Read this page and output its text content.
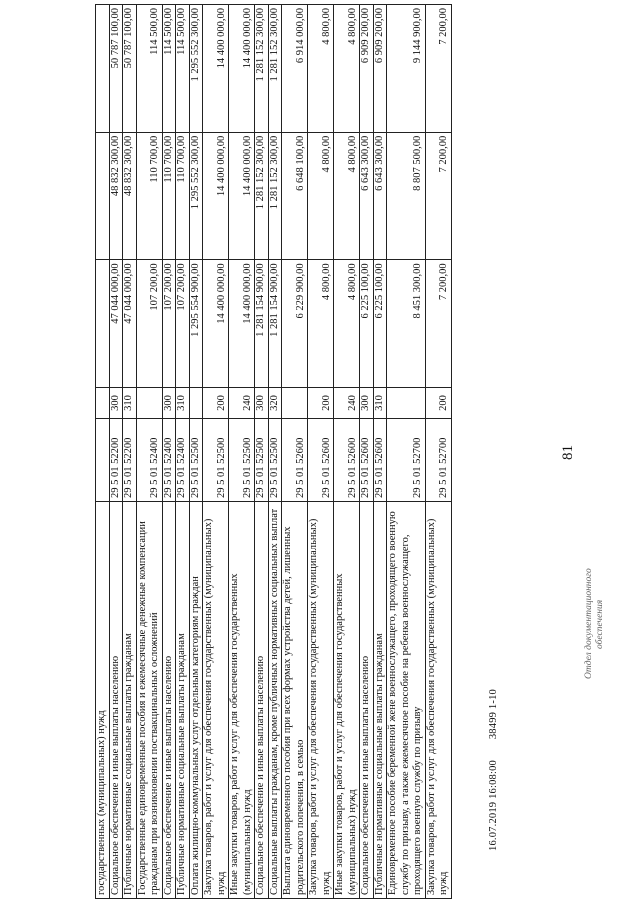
государственных (муниципальных) нужд					
Социальное обеспечение и иные выплаты населению	29 5 01 52200	300	47 044 000,00	48 832 300,00	50 787 100,00
Публичные нормативные социальные выплаты гражданам	29 5 01 52200	310	47 044 000,00	48 832 300,00	50 787 100,00
Государственные единовременные пособия и ежемесячные денежные компенсации гражданам при возникновении поствакцинальных осложнений	29 5 01 52400		107 200,00	110 700,00	114 500,00
Социальное обеспечение и иные выплаты населению	29 5 01 52400	300	107 200,00	110 700,00	114 500,00
Публичные нормативные социальные выплаты гражданам	29 5 01 52400	310	107 200,00	110 700,00	114 500,00
Оплата жилищно-коммунальных услуг отдельным категориям граждан	29 5 01 52500		1 295 554 900,00	1 295 552 300,00	1 295 552 300,00
Закупка товаров, работ и услуг для обеспечения государственных (муниципальных) нужд	29 5 01 52500	200	14 400 000,00	14 400 000,00	14 400 000,00
Иные закупки товаров, работ и услуг для обеспечения государственных (муниципальных) нужд	29 5 01 52500	240	14 400 000,00	14 400 000,00	14 400 000,00
Социальное обеспечение и иные выплаты населению	29 5 01 52500	300	1 281 154 900,00	1 281 152 300,00	1 281 152 300,00
Социальные выплаты гражданам, кроме публичных нормативных социальных выплат	29 5 01 52500	320	1 281 154 900,00	1 281 152 300,00	1 281 152 300,00
Выплата единовременного пособия при всех формах устройства детей, лишенных родительского попечения, в семью	29 5 01 52600		6 229 900,00	6 648 100,00	6 914 000,00
Закупка товаров, работ и услуг для обеспечения государственных (муниципальных) нужд	29 5 01 52600	200	4 800,00	4 800,00	4 800,00
Иные закупки товаров, работ и услуг для обеспечения государственных (муниципальных) нужд	29 5 01 52600	240	4 800,00	4 800,00	4 800,00
Социальное обеспечение и иные выплаты населению	29 5 01 52600	300	6 225 100,00	6 643 300,00	6 909 200,00
Публичные нормативные социальные выплаты гражданам	29 5 01 52600	310	6 225 100,00	6 643 300,00	6 909 200,00
Единовременное пособие беременной жене военнослужащего, проходящего военную службу по призыву, а также ежемесячное пособие на ребенка военнослужащего, проходящего военную службу по призыву	29 5 01 52700		8 451 300,00	8 807 500,00	9 144 900,00
Закупка товаров, работ и услуг для обеспечения государственных (муниципальных) нужд	29 5 01 52700	200	7 200,00	7 200,00	7 200,00
16.07.2019 16:08:00 38499 1-10
Отдел документационного обеспечения
81
